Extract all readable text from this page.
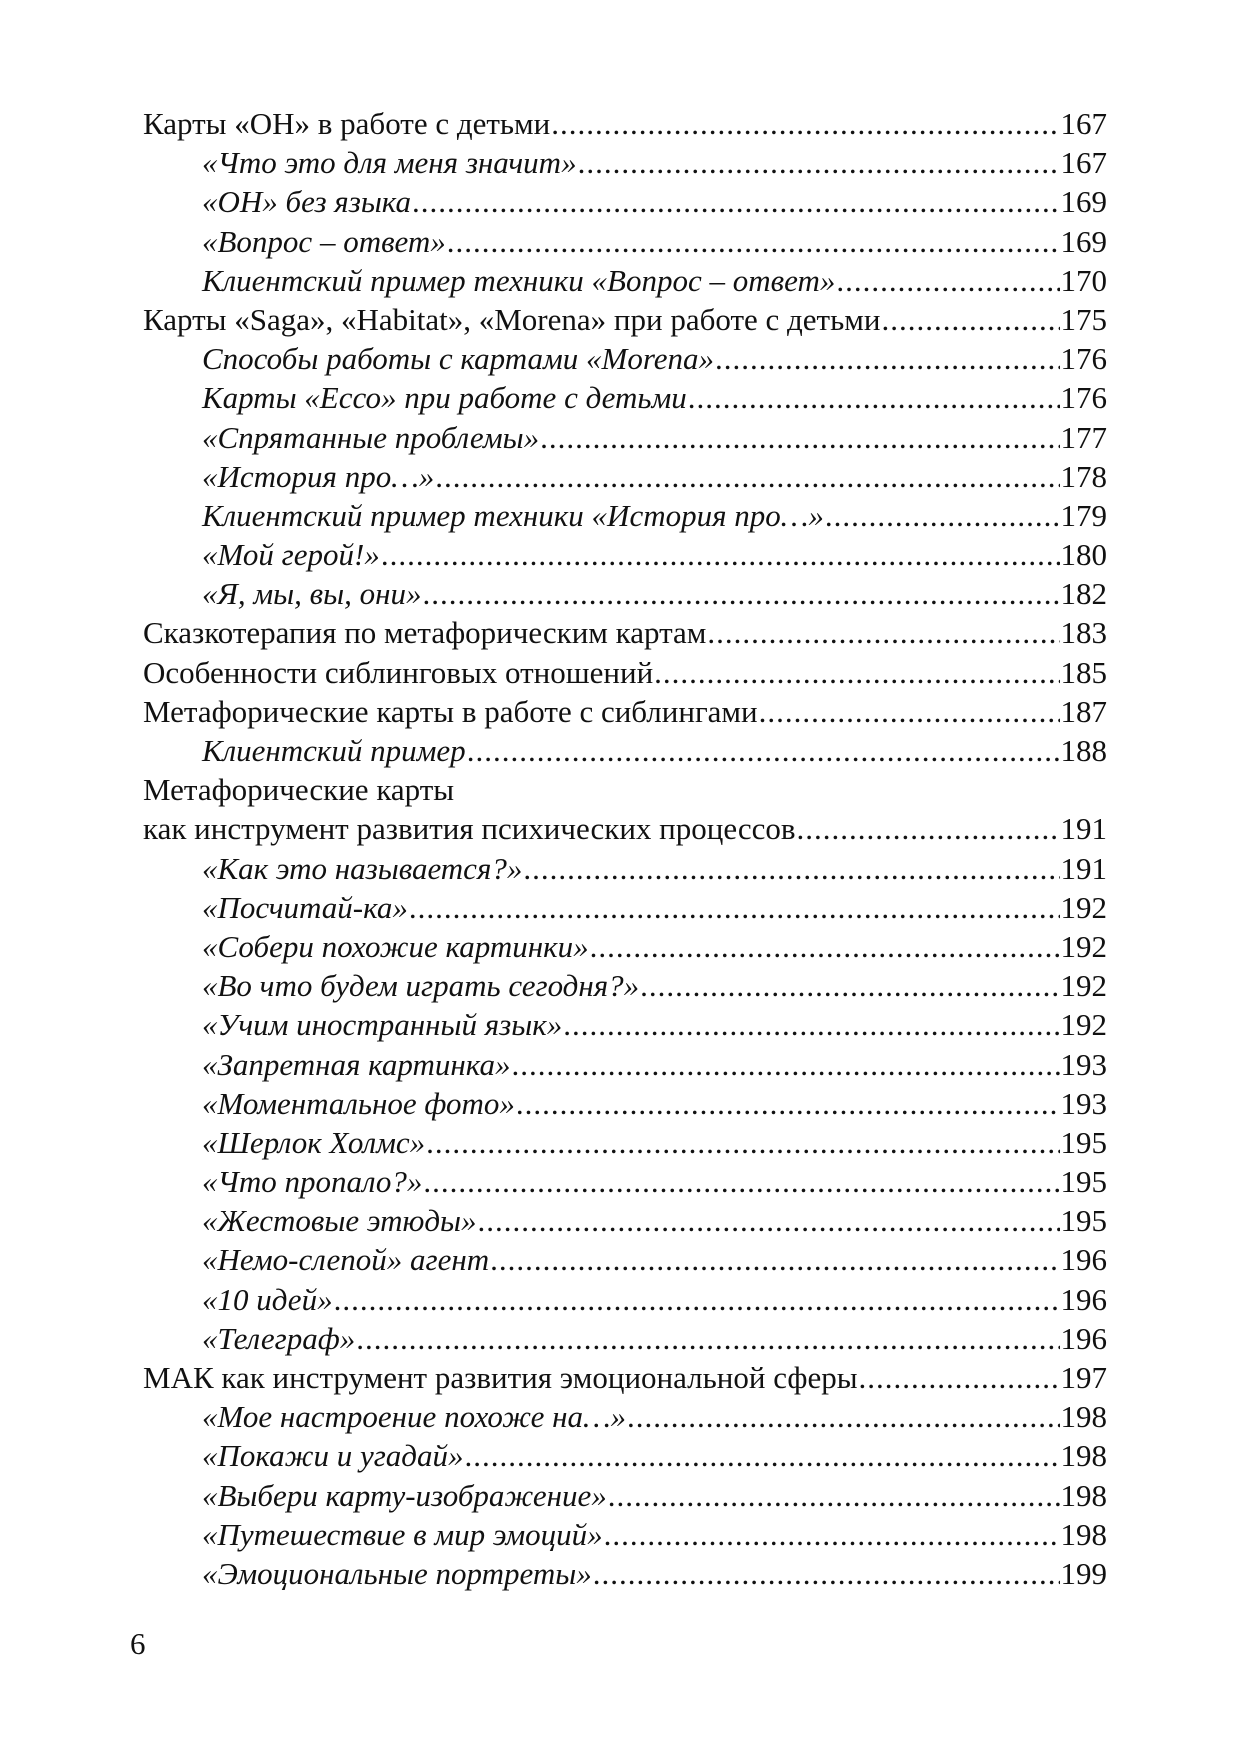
Карты «ОН» в работе с детьми .....	167
«Что это для меня значит» .....	167
«ОН» без языка .....	169
«Вопрос – ответ» .....	169
Клиентский пример техники «Вопрос – ответ» .....	170
Карты «Saga», «Habitat», «Morena» при работе с детьми .....	175
Способы работы с картами «Morena» .....	176
Карты «Ессо» при работе с детьми .....	176
«Спрятанные проблемы» .....	177
«История про…» .....	178
Клиентский пример техники «История про…» .....	179
«Мой герой!» .....	180
«Я, мы, вы, они» .....	182
Сказкотерапия по метафорическим картам .....	183
Особенности сиблинговых отношений .....	185
Метафорические карты в работе с сиблингами .....	187
Клиентский пример .....	188
Метафорические карты
как инструмент развития психических процессов .....	191
«Как это называется?» .....	191
«Посчитай-ка» .....	192
«Собери похожие картинки» .....	192
«Во что будем играть сегодня?» .....	192
«Учим иностранный язык» .....	192
«Запретная картинка» .....	193
«Моментальное фото» .....	193
«Шерлок Холмс» .....	195
«Что пропало?» .....	195
«Жестовые этюды» .....	195
«Немо-слепой» агент .....	196
«10 идей» .....	196
«Телеграф» .....	196
МАК как инструмент развития эмоциональной сферы .....	197
«Мое настроение похоже на…» .....	198
«Покажи и угадай» .....	198
«Выбери карту-изображение» .....	198
«Путешествие в мир эмоций» .....	198
«Эмоциональные портреты» .....	199
6
